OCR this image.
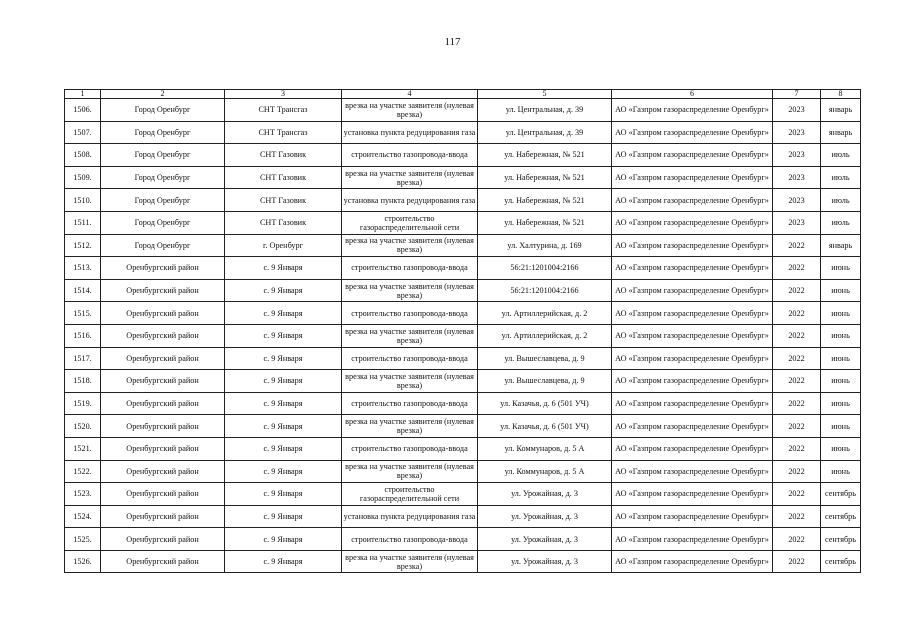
117
1	2	3	4	5	6	7	8
1506.	Город Оренбург	СНТ Трансгаз	врезка на участке заявителя (нулевая врезка)	ул. Центральная, д. 39	АО «Газпром газораспределение Оренбург»	2023	январь
1507.	Город Оренбург	СНТ Трансгаз	установка пункта редуцирования газа	ул. Центральная, д. 39	АО «Газпром газораспределение Оренбург»	2023	январь
1508.	Город Оренбург	СНТ Газовик	строительство газопровода-ввода	ул. Набережная, № 521	АО «Газпром газораспределение Оренбург»	2023	июль
1509.	Город Оренбург	СНТ Газовик	врезка на участке заявителя (нулевая врезка)	ул. Набережная, № 521	АО «Газпром газораспределение Оренбург»	2023	июль
1510.	Город Оренбург	СНТ Газовик	установка пункта редуцирования газа	ул. Набережная, № 521	АО «Газпром газораспределение Оренбург»	2023	июль
1511.	Город Оренбург	СНТ Газовик	строительство газораспределительной сети	ул. Набережная, № 521	АО «Газпром газораспределение Оренбург»	2023	июль
1512.	Город Оренбург	г. Оренбург	врезка на участке заявителя (нулевая врезка)	ул. Халтурина, д. 169	АО «Газпром газораспределение Оренбург»	2022	январь
1513.	Оренбургский район	с. 9 Января	строительство газопровода-ввода	56:21:1201004:2166	АО «Газпром газораспределение Оренбург»	2022	июнь
1514.	Оренбургский район	с. 9 Января	врезка на участке заявителя (нулевая врезка)	56:21:1201004:2166	АО «Газпром газораспределение Оренбург»	2022	июнь
1515.	Оренбургский район	с. 9 Января	строительство газопровода-ввода	ул. Артиллерийская, д. 2	АО «Газпром газораспределение Оренбург»	2022	июнь
1516.	Оренбургский район	с. 9 Января	врезка на участке заявителя (нулевая врезка)	ул. Артиллерийская, д. 2	АО «Газпром газораспределение Оренбург»	2022	июнь
1517.	Оренбургский район	с. 9 Января	строительство газопровода-ввода	ул. Вышеславцева, д. 9	АО «Газпром газораспределение Оренбург»	2022	июнь
1518.	Оренбургский район	с. 9 Января	врезка на участке заявителя (нулевая врезка)	ул. Вышеславцева, д. 9	АО «Газпром газораспределение Оренбург»	2022	июнь
1519.	Оренбургский район	с. 9 Января	строительство газопровода-ввода	ул. Казачья, д. 6 (501 УЧ)	АО «Газпром газораспределение Оренбург»	2022	июнь
1520.	Оренбургский район	с. 9 Января	врезка на участке заявителя (нулевая врезка)	ул. Казачья, д. 6 (501 УЧ)	АО «Газпром газораспределение Оренбург»	2022	июнь
1521.	Оренбургский район	с. 9 Января	строительство газопровода-ввода	ул. Коммунаров, д. 5 А	АО «Газпром газораспределение Оренбург»	2022	июнь
1522.	Оренбургский район	с. 9 Января	врезка на участке заявителя (нулевая врезка)	ул. Коммунаров, д. 5 А	АО «Газпром газораспределение Оренбург»	2022	июнь
1523.	Оренбургский район	с. 9 Января	строительство газораспределительной сети	ул. Урожайная, д. 3	АО «Газпром газораспределение Оренбург»	2022	сентябрь
1524.	Оренбургский район	с. 9 Января	установка пункта редуцирования газа	ул. Урожайная, д. 3	АО «Газпром газораспределение Оренбург»	2022	сентябрь
1525.	Оренбургский район	с. 9 Января	строительство газопровода-ввода	ул. Урожайная, д. 3	АО «Газпром газораспределение Оренбург»	2022	сентябрь
1526.	Оренбургский район	с. 9 Января	врезка на участке заявителя (нулевая врезка)	ул. Урожайная, д. 3	АО «Газпром газораспределение Оренбург»	2022	сентябрь
